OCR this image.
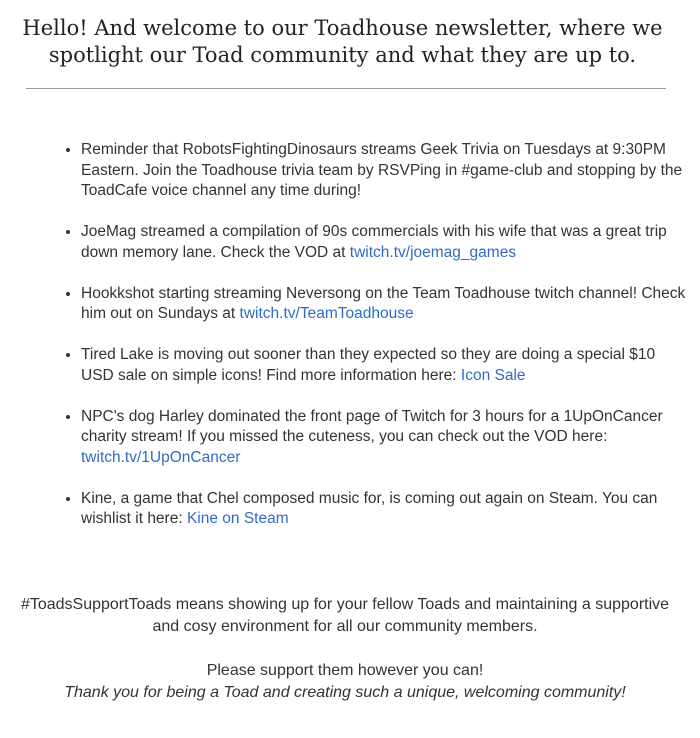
Hello! And welcome to our Toadhouse newsletter, where we spotlight our Toad community and what they are up to.

• Reminder that RobotsFightingDinosaurs streams Geek Trivia on Tuesdays at 9:30PM Eastern. Join the Toadhouse trivia team by RSVPing in #game-club and stopping by the ToadCafe voice channel any time during!
• JoeMag streamed a compilation of 90s commercials with his wife that was a great trip down memory lane. Check the VOD at twitch.tv/joemag_games
• Hookkshot starting streaming Neversong on the Team Toadhouse twitch channel! Check him out on Sundays at twitch.tv/TeamToadhouse
• Tired Lake is moving out sooner than they expected so they are doing a special $10 USD sale on simple icons! Find more information here: Icon Sale
• NPC's dog Harley dominated the front page of Twitch for 3 hours for a 1UpOnCancer charity stream! If you missed the cuteness, you can check out the VOD here: twitch.tv/1UpOnCancer
• Kine, a game that Chel composed music for, is coming out again on Steam. You can wishlist it here: Kine on Steam

#ToadsSupportToads means showing up for your fellow Toads and maintaining a supportive and cosy environment for all our community members.

Please support them however you can!

Thank you for being a Toad and creating such a unique, welcoming community!
